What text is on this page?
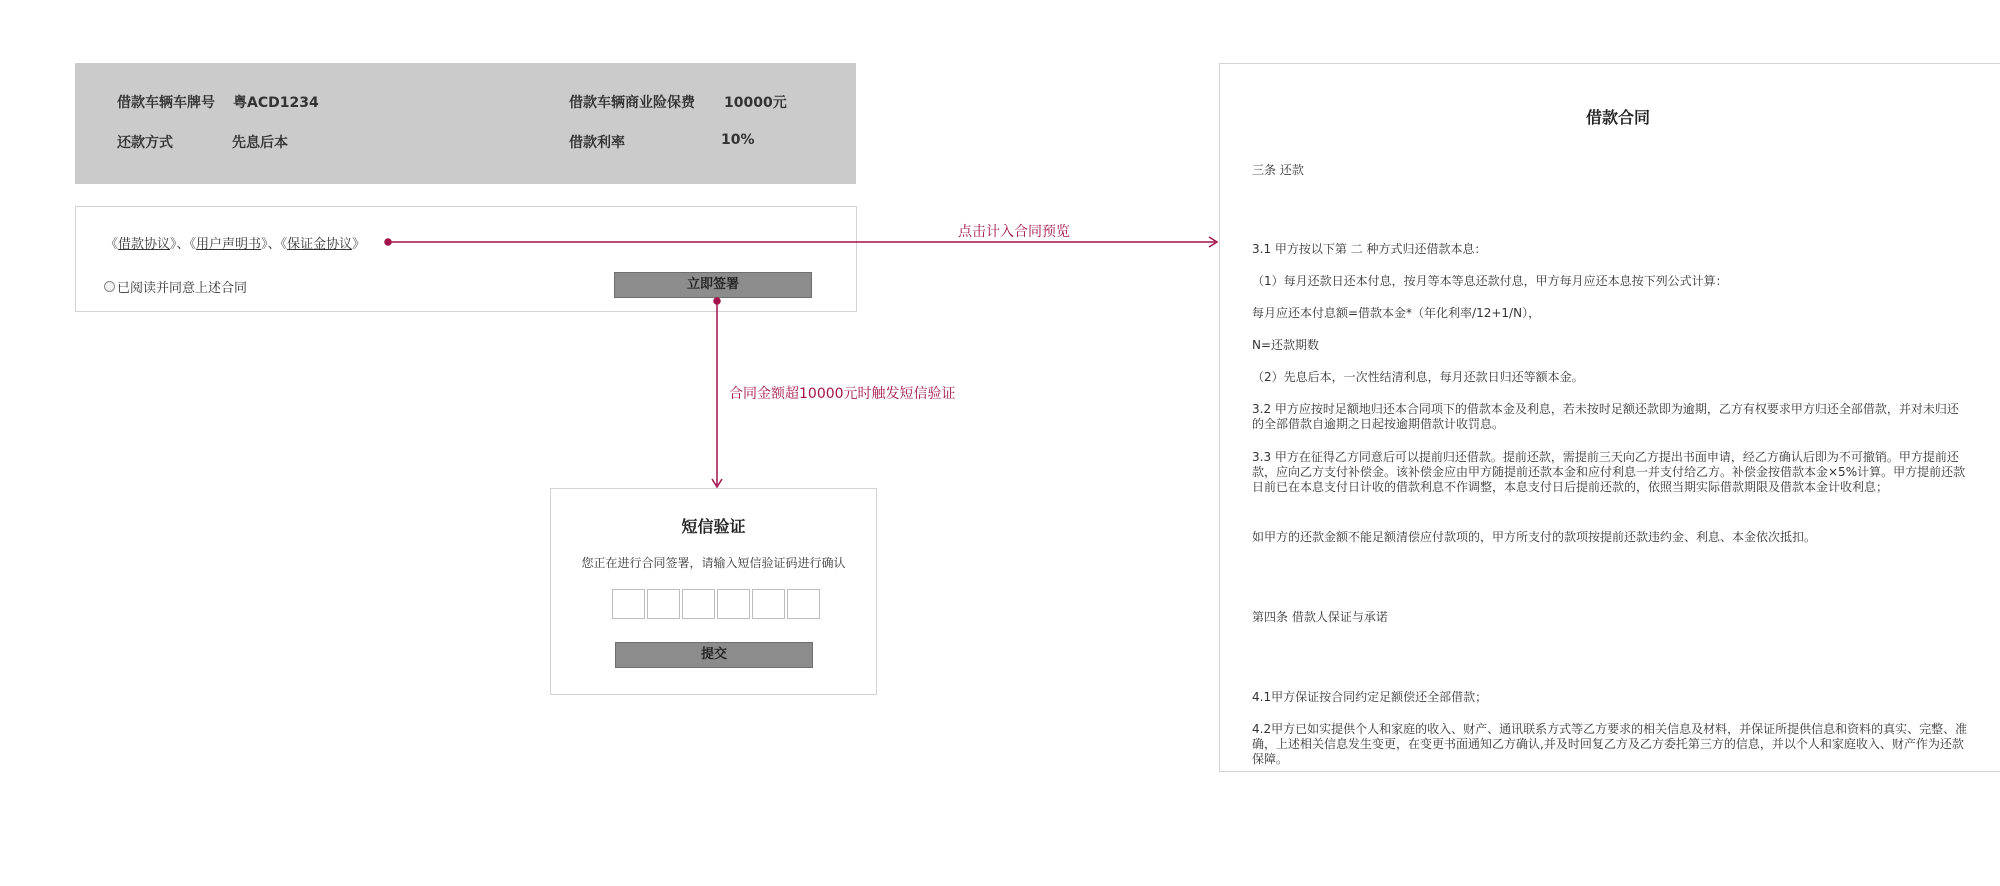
借款车辆车牌号 粤ACD1234	借款车辆商业险保费 10000元
还款方式	先息后本	借款利率	10%
《借款协议》、《用户声明书》、《保证金协议》
已阅读并同意上述合同	立即签署
点击计入合同预览
合同金额超10000元时触发短信验证
短信验证
您正在进行合同签署，请输入短信验证码进行确认
提交
借款合同
三条 还款
3.1 甲方按以下第 二 种方式归还借款本息：
（1）每月还款日还本付息，按月等本等息还款付息，甲方每月应还本息按下列公式计算：
每月应还本付息额=借款本金*（年化利率/12+1/N），
N=还款期数
（2）先息后本，一次性结清利息，每月还款日归还等额本金。
3.2 甲方应按时足额地归还本合同项下的借款本金及利息，若未按时足额还款即为逾期，乙方有权要求甲方归还全部借款，并对未归还的全部借款自逾期之日起按逾期借款计收罚息。
3.3 甲方在征得乙方同意后可以提前归还借款。提前还款，需提前三天向乙方提出书面申请，经乙方确认后即为不可撤销。甲方提前还款，应向乙方支付补偿金。该补偿金应由甲方随提前还款本金和应付利息一并支付给乙方。补偿金按借款本金×5%计算。甲方提前还款日前已在本息支付日计收的借款利息不作调整，本息支付日后提前还款的，依照当期实际借款期限及借款本金计收利息；
如甲方的还款金额不能足额清偿应付款项的，甲方所支付的款项按提前还款违约金、利息、本金依次抵扣。
第四条 借款人保证与承诺
4.1甲方保证按合同约定足额偿还全部借款；
4.2甲方已如实提供个人和家庭的收入、财产、通讯联系方式等乙方要求的相关信息及材料，并保证所提供信息和资料的真实、完整、准确，上述相关信息发生变更，在变更书面通知乙方确认,并及时回复乙方及乙方委托第三方的信息，并以个人和家庭收入、财产作为还款保障。
